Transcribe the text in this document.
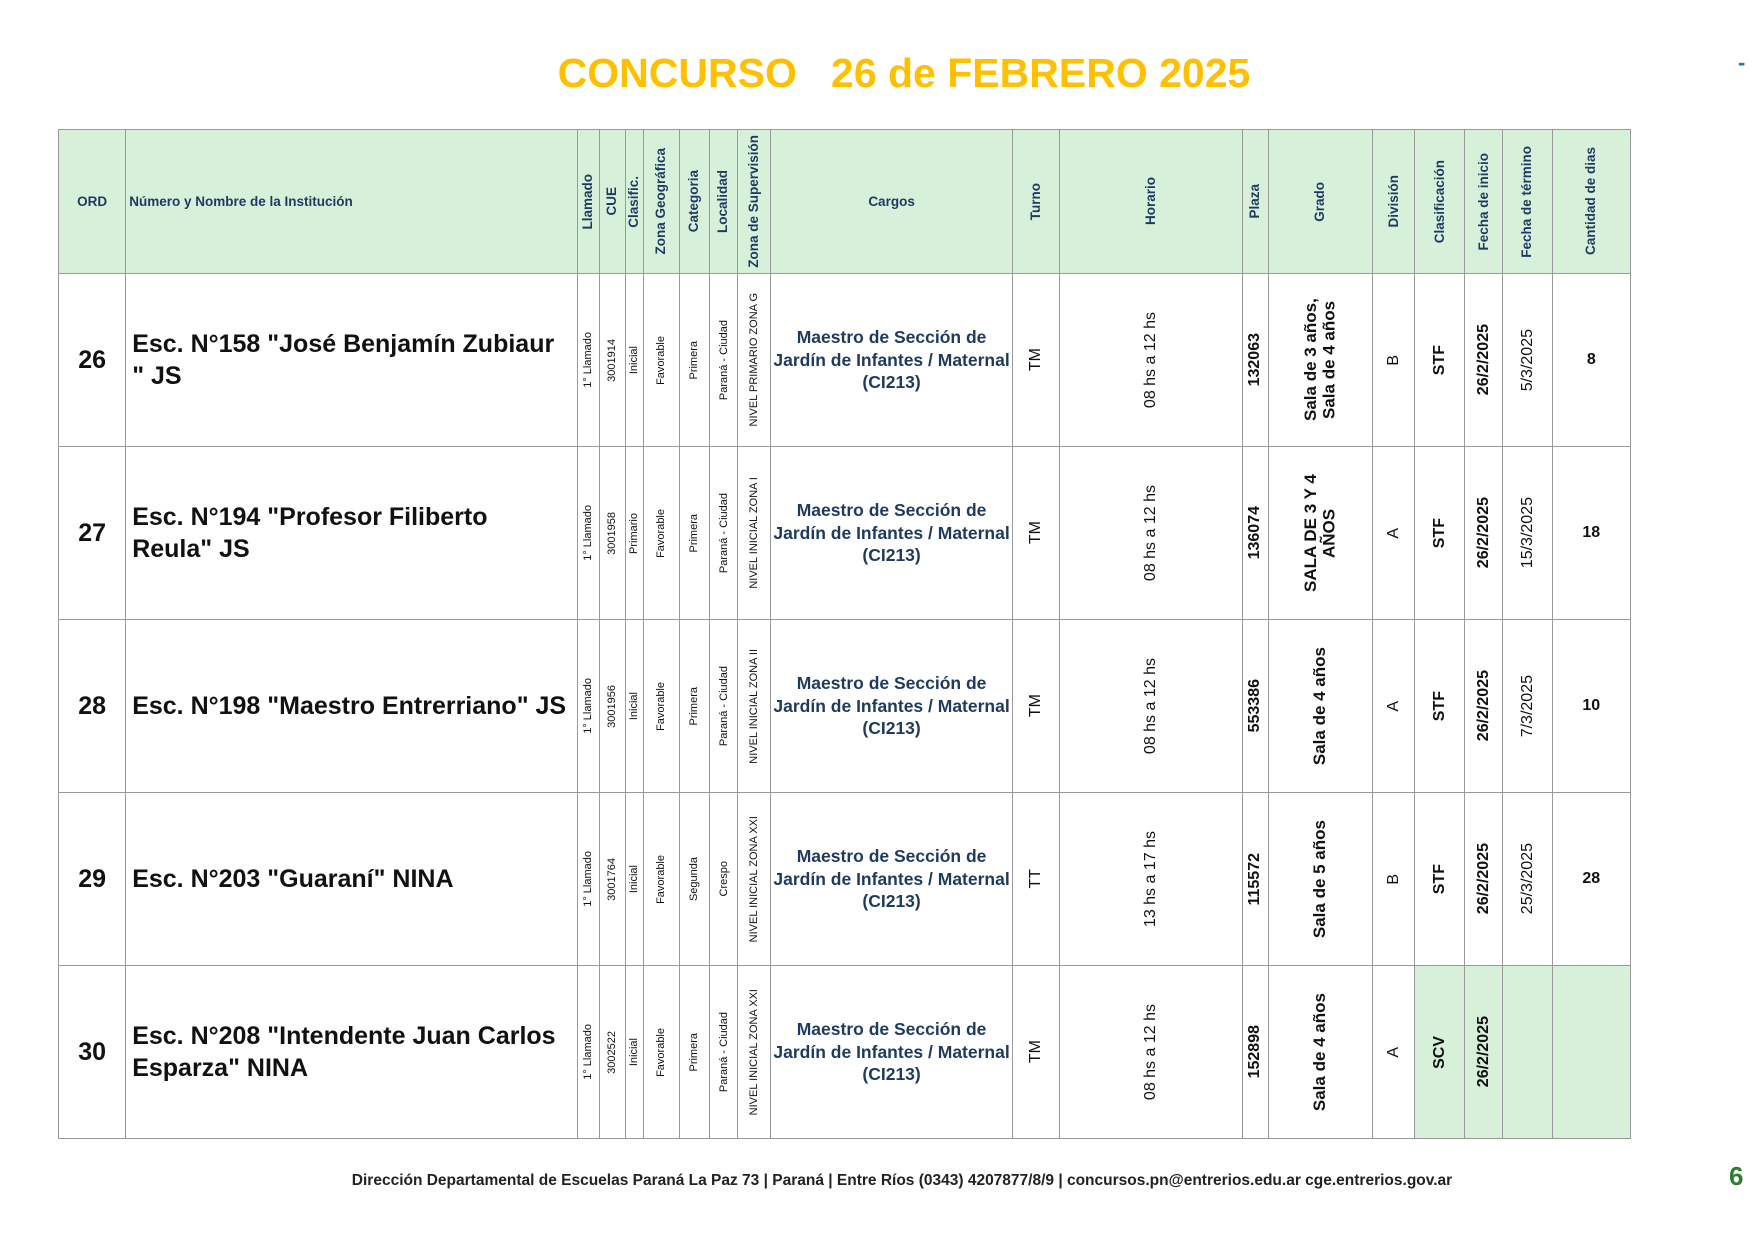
CONCURSO   26 de FEBRERO 2025	-
ORD	Número y Nombre de la Institución	Llamado	CUE	Clasific.	Zona Geográfica	Categoria	Localidad	Zona de Supervisión	Cargos	Turno	Horario	Plaza	Grado	División	Clasificación	Fecha de inicio	Fecha de término	Cantidad de dias

26	Esc. N°158 "José Benjamín Zubiaur " JS	1° Llamado	3001914	Inicial	Favorable	Primera	Paraná - Ciudad	NIVEL PRIMARIO ZONA G	Maestro de Sección de Jardín de Infantes / Maternal (CI213)	TM	08 hs a 12 hs	132063	Sala de 3 años, Sala de 4 años	B	STF	26/2/2025	5/3/2025	8
27	Esc. N°194 "Profesor Filiberto Reula" JS	1° Llamado	3001958	Primario	Favorable	Primera	Paraná - Ciudad	NIVEL INICIAL ZONA I	Maestro de Sección de Jardín de Infantes / Maternal (CI213)	TM	08 hs a 12 hs	136074	SALA DE 3 Y 4 AÑOS	A	STF	26/2/2025	15/3/2025	18
28	Esc. N°198 "Maestro Entrerriano" JS	1° Llamado	3001956	Inicial	Favorable	Primera	Paraná - Ciudad	NIVEL INICIAL ZONA II	Maestro de Sección de Jardín de Infantes / Maternal (CI213)	TM	08 hs a 12 hs	553386	Sala de 4 años	A	STF	26/2/2025	7/3/2025	10
29	Esc. N°203 "Guaraní" NINA	1° Llamado	3001764	Inicial	Favorable	Segunda	Crespo	NIVEL INICIAL ZONA XXI	Maestro de Sección de Jardín de Infantes / Maternal (CI213)	TT	13 hs a 17 hs	115572	Sala de 5 años	B	STF	26/2/2025	25/3/2025	28
30	Esc. N°208 "Intendente Juan Carlos Esparza" NINA	1° Llamado	3002522	Inicial	Favorable	Primera	Paraná - Ciudad	NIVEL INICIAL ZONA XXI	Maestro de Sección de Jardín de Infantes / Maternal (CI213)	TM	08 hs a 12 hs	152898	Sala de 4 años	A	SCV	26/2/2025		

Dirección Departamental de Escuelas Paraná La Paz 73 | Paraná | Entre Ríos (0343) 4207877/8/9 | concursos.pn@entrerios.edu.ar cge.entrerios.gov.ar	6
